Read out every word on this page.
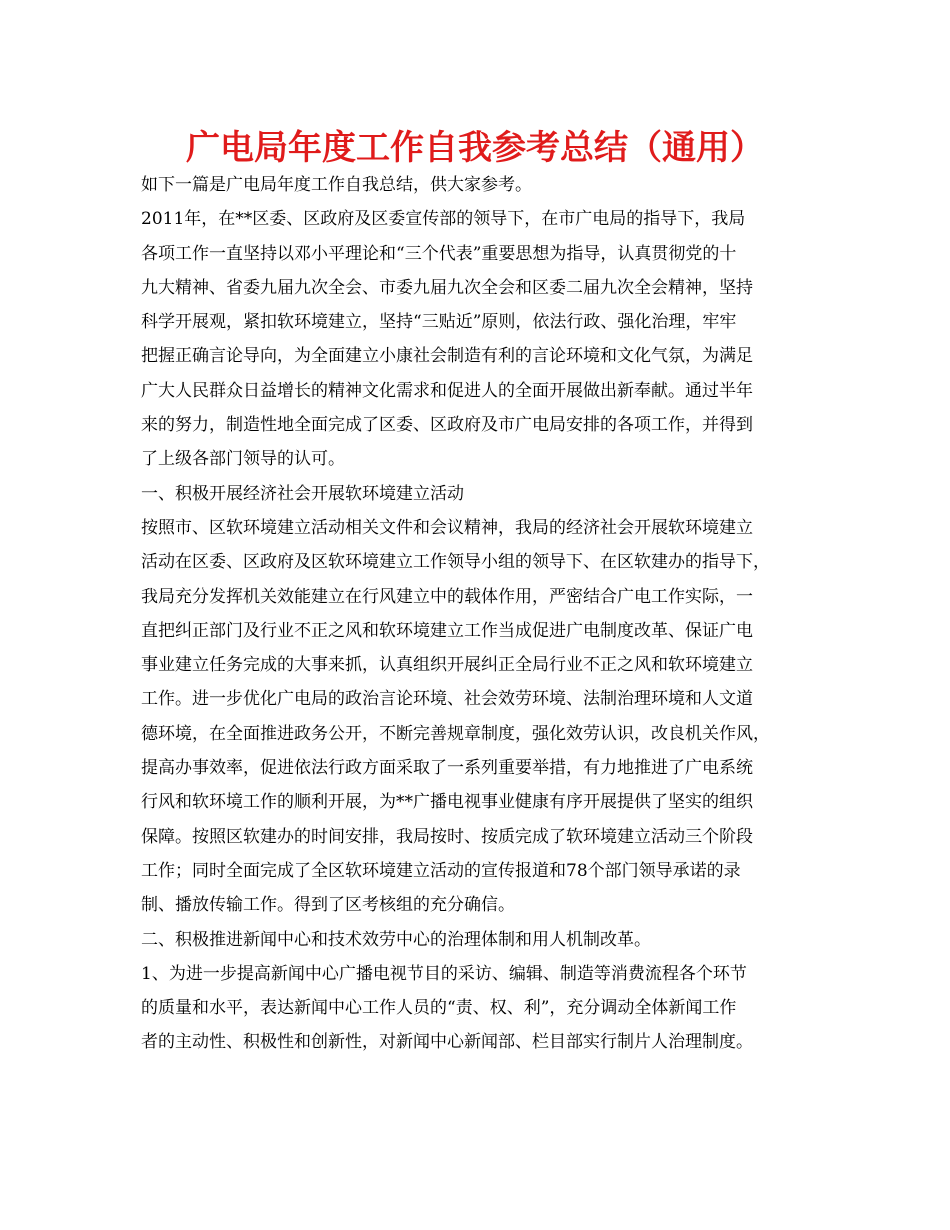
广电局年度工作自我参考总结（通用）
如下一篇是广电局年度工作自我总结，供大家参考。
2011年，在**区委、区政府及区委宣传部的领导下，在市广电局的指导下，我局
各项工作一直坚持以邓小平理论和“三个代表”重要思想为指导，认真贯彻党的十
九大精神、省委九届九次全会、市委九届九次全会和区委二届九次全会精神，坚持
科学开展观，紧扣软环境建立，坚持“三贴近”原则，依法行政、强化治理，牢牢
把握正确言论导向，为全面建立小康社会制造有利的言论环境和文化气氛，为满足
广大人民群众日益增长的精神文化需求和促进人的全面开展做出新奉献。通过半年
来的努力，制造性地全面完成了区委、区政府及市广电局安排的各项工作，并得到
了上级各部门领导的认可。
一、积极开展经济社会开展软环境建立活动
按照市、区软环境建立活动相关文件和会议精神，我局的经济社会开展软环境建立
活动在区委、区政府及区软环境建立工作领导小组的领导下、在区软建办的指导下，
我局充分发挥机关效能建立在行风建立中的载体作用，严密结合广电工作实际，一
直把纠正部门及行业不正之风和软环境建立工作当成促进广电制度改革、保证广电
事业建立任务完成的大事来抓，认真组织开展纠正全局行业不正之风和软环境建立
工作。进一步优化广电局的政治言论环境、社会效劳环境、法制治理环境和人文道
德环境，在全面推进政务公开，不断完善规章制度，强化效劳认识，改良机关作风，
提高办事效率，促进依法行政方面采取了一系列重要举措，有力地推进了广电系统
行风和软环境工作的顺利开展，为**广播电视事业健康有序开展提供了坚实的组织
保障。按照区软建办的时间安排，我局按时、按质完成了软环境建立活动三个阶段
工作；同时全面完成了全区软环境建立活动的宣传报道和78个部门领导承诺的录
制、播放传输工作。得到了区考核组的充分确信。
二、积极推进新闻中心和技术效劳中心的治理体制和用人机制改革。
1、为进一步提高新闻中心广播电视节目的采访、编辑、制造等消费流程各个环节
的质量和水平，表达新闻中心工作人员的“责、权、利”，充分调动全体新闻工作
者的主动性、积极性和创新性，对新闻中心新闻部、栏目部实行制片人治理制度。
